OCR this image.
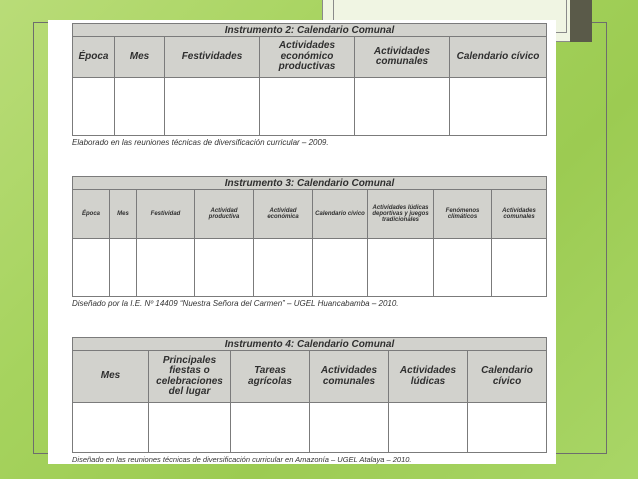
Instrumento 2: Calendario Comunal					
Época	Mes	Festividades	Actividades económico productivas	Actividades comunales	Calendario cívico

Elaborado en las reuniones técnicas de diversificación curricular – 2009.
Instrumento 3: Calendario Comunal								
Época	Mes	Festividad	Actividad productiva	Actividad económica	Calendario cívico	Actividades lúdicas deportivas y juegos tradicionales	Fenómenos climáticos	Actividades comunales

Diseñado por la I.E. Nº 14409 “Nuestra Señora del Carmen” – UGEL Huancabamba – 2010.
Instrumento 4: Calendario Comunal					
Mes	Principales fiestas o celebraciones del lugar	Tareas agrícolas	Actividades comunales	Actividades lúdicas	Calendario cívico

Diseñado en las reuniones técnicas de diversificación curricular en Amazonía – UGEL Atalaya – 2010.
